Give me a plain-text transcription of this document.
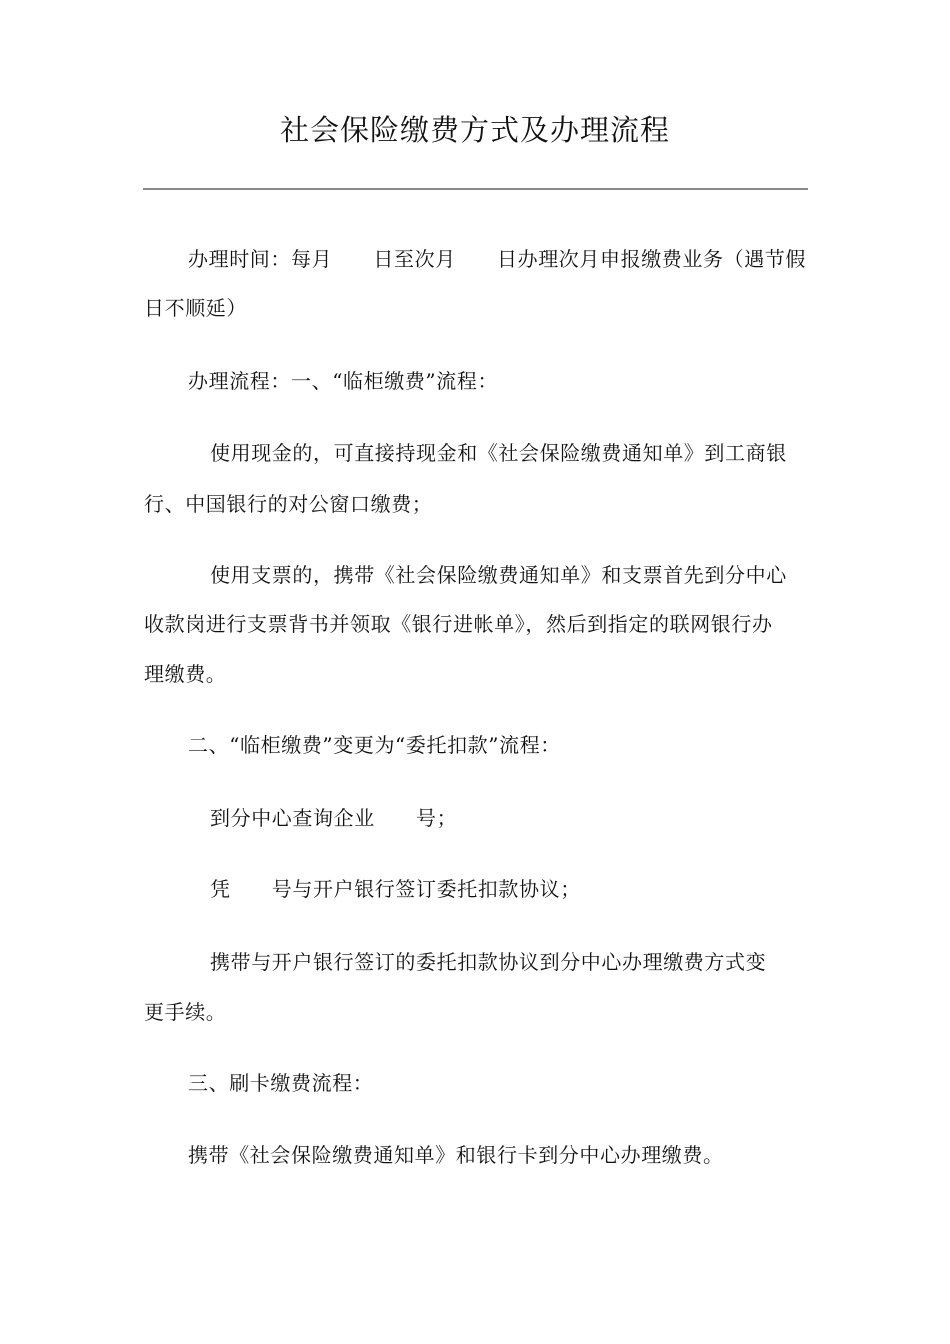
社会保险缴费方式及办理流程
办理时间：每月　　日至次月　　日办理次月申报缴费业务（遇节假
日不顺延）
办理流程：一、“临柜缴费”流程：
使用现金的，可直接持现金和《社会保险缴费通知单》到工商银
行、中国银行的对公窗口缴费；
使用支票的，携带《社会保险缴费通知单》和支票首先到分中心
收款岗进行支票背书并领取《银行进帐单》，然后到指定的联网银行办
理缴费。
二、“临柜缴费”变更为“委托扣款”流程：
到分中心查询企业　　号；
凭　　号与开户银行签订委托扣款协议；
携带与开户银行签订的委托扣款协议到分中心办理缴费方式变
更手续。
三、刷卡缴费流程：
携带《社会保险缴费通知单》和银行卡到分中心办理缴费。
